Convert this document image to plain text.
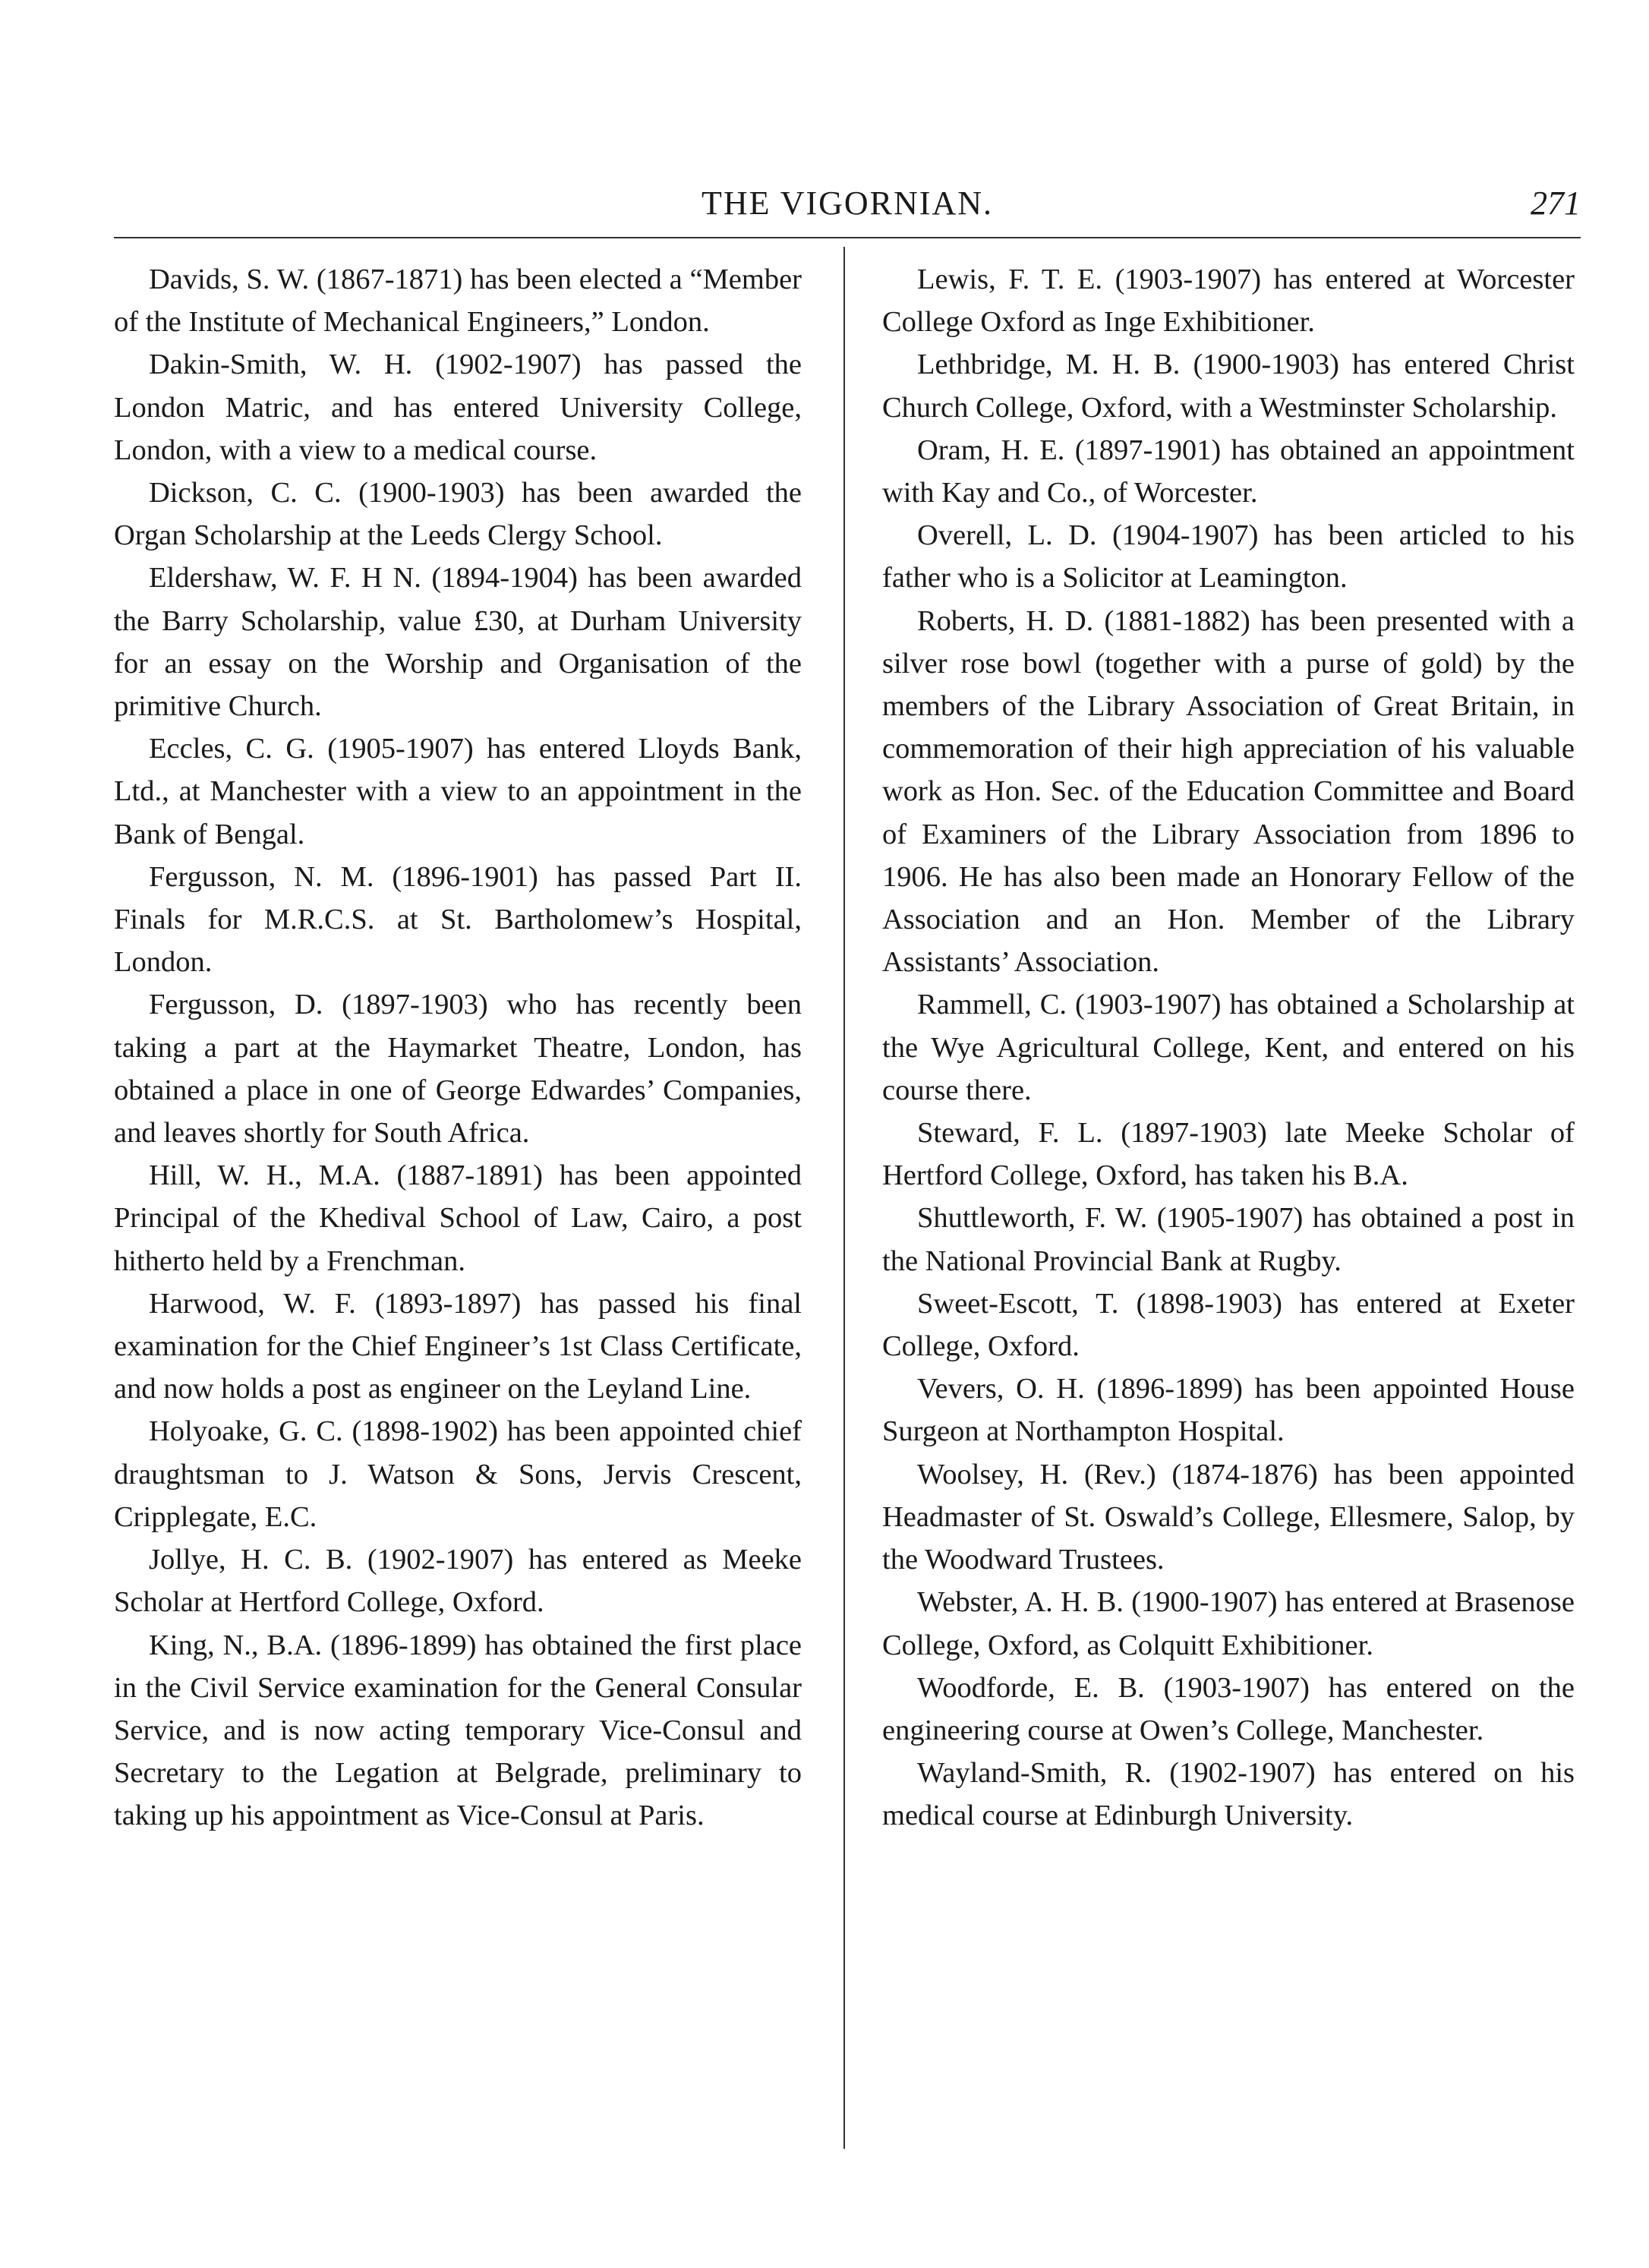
THE VIGORNIAN.	271

Davids, S. W. (1867-1871) has been elected a “Member of the Institute of Mechanical Engineers,” London.

Dakin-Smith, W. H. (1902-1907) has passed the London Matric, and has entered University College, London, with a view to a medical course.

Dickson, C. C. (1900-1903) has been awarded the Organ Scholarship at the Leeds Clergy School.

Eldershaw, W. F. H N. (1894-1904) has been awarded the Barry Scholarship, value £30, at Durham University for an essay on the Worship and Organisation of the primitive Church.

Eccles, C. G. (1905-1907) has entered Lloyds Bank, Ltd., at Manchester with a view to an appointment in the Bank of Bengal.

Fergusson, N. M. (1896-1901) has passed Part II. Finals for M.R.C.S. at St. Bartholomew’s Hospital, London.

Fergusson, D. (1897-1903) who has recently been taking a part at the Haymarket Theatre, London, has obtained a place in one of George Edwardes’ Companies, and leaves shortly for South Africa.

Hill, W. H., M.A. (1887-1891) has been appointed Principal of the Khedival School of Law, Cairo, a post hitherto held by a Frenchman.

Harwood, W. F. (1893-1897) has passed his final examination for the Chief Engineer’s 1st Class Certificate, and now holds a post as engineer on the Leyland Line.

Holyoake, G. C. (1898-1902) has been appointed chief draughtsman to J. Watson & Sons, Jervis Crescent, Cripplegate, E.C.

Jollye, H. C. B. (1902-1907) has entered as Meeke Scholar at Hertford College, Oxford.

King, N., B.A. (1896-1899) has obtained the first place in the Civil Service examination for the General Consular Service, and is now acting temporary Vice-Consul and Secretary to the Legation at Belgrade, preliminary to taking up his appointment as Vice-Consul at Paris.

Lewis, F. T. E. (1903-1907) has entered at Worcester College Oxford as Inge Exhibitioner.

Lethbridge, M. H. B. (1900-1903) has entered Christ Church College, Oxford, with a Westminster Scholarship.

Oram, H. E. (1897-1901) has obtained an appointment with Kay and Co., of Worcester.

Overell, L. D. (1904-1907) has been articled to his father who is a Solicitor at Leamington.

Roberts, H. D. (1881-1882) has been presented with a silver rose bowl (together with a purse of gold) by the members of the Library Association of Great Britain, in commemoration of their high appreciation of his valuable work as Hon. Sec. of the Education Committee and Board of Examiners of the Library Association from 1896 to 1906. He has also been made an Honorary Fellow of the Association and an Hon. Member of the Library Assistants’ Association.

Rammell, C. (1903-1907) has obtained a Scholarship at the Wye Agricultural College, Kent, and entered on his course there.

Steward, F. L. (1897-1903) late Meeke Scholar of Hertford College, Oxford, has taken his B.A.

Shuttleworth, F. W. (1905-1907) has obtained a post in the National Provincial Bank at Rugby.

Sweet-Escott, T. (1898-1903) has entered at Exeter College, Oxford.

Vevers, O. H. (1896-1899) has been appointed House Surgeon at Northampton Hospital.

Woolsey, H. (Rev.) (1874-1876) has been appointed Headmaster of St. Oswald’s College, Ellesmere, Salop, by the Woodward Trustees.

Webster, A. H. B. (1900-1907) has entered at Brasenose College, Oxford, as Colquitt Exhibitioner.

Woodforde, E. B. (1903-1907) has entered on the engineering course at Owen’s College, Manchester.

Wayland-Smith, R. (1902-1907) has entered on his medical course at Edinburgh University.
